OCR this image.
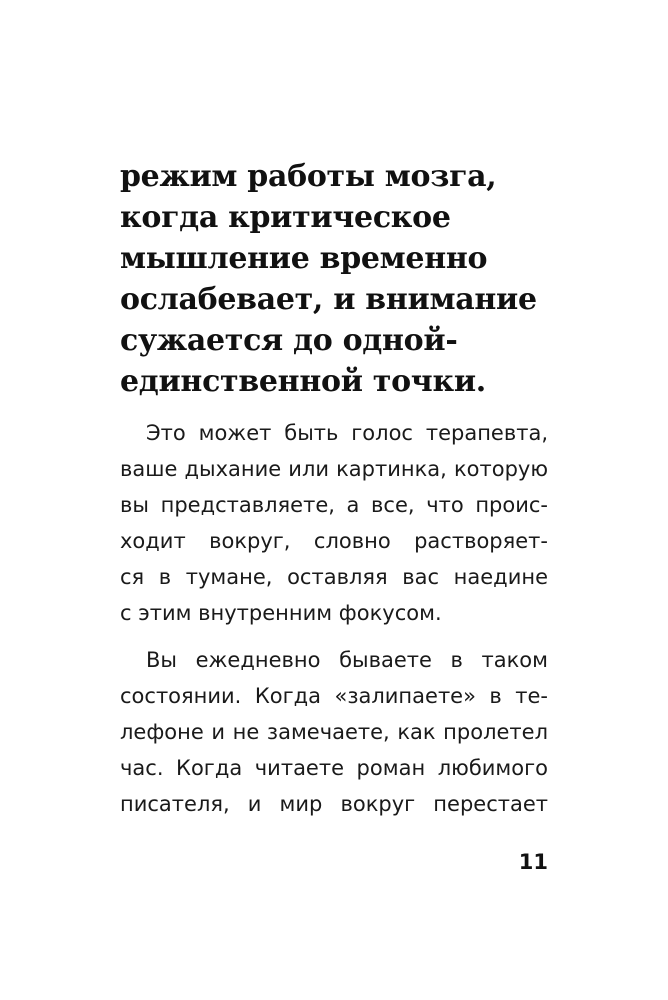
режим работы мозга,
когда критическое
мышление временно
ослабевает, и внимание
сужается до одной-
единственной точки.

Это может быть голос терапевта,
ваше дыхание или картинка, которую
вы представляете, а все, что проис-
ходит вокруг, словно растворяет-
ся в тумане, оставляя вас наедине
с этим внутренним фокусом.

Вы ежедневно бываете в таком
состоянии. Когда «залипаете» в те-
лефоне и не замечаете, как пролетел
час. Когда читаете роман любимого
писателя, и мир вокруг перестает

11
